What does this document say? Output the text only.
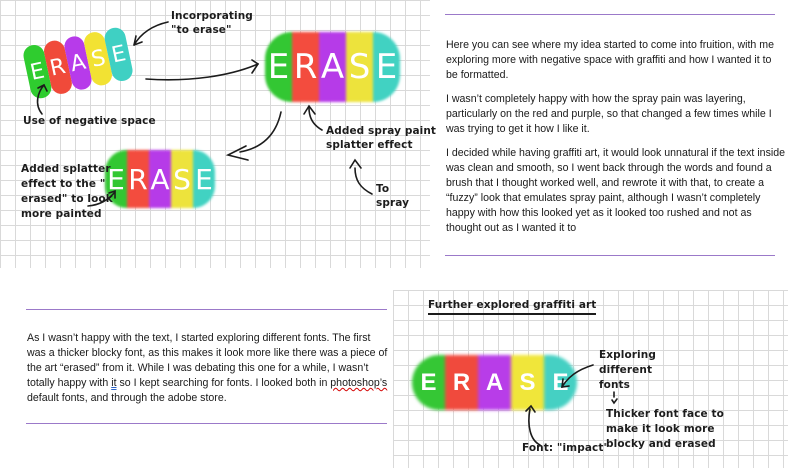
E R A S E	E R A S E
E R A S E
Incorporating
"to erase"
Use of negative space
Added spray paint
splatter effect
To
spray
Added splatter
effect to the "
erased" to look
more painted

Here you can see where my idea started to come into fruition, with me exploring more with negative space with graffiti and how I wanted it to be formatted.

I wasn’t completely happy with how the spray pain was layering, particularly on the red and purple, so that changed a few times while I was trying to get it how I like it.

I decided while having graffiti art, it would look unnatural if the text inside was clean and smooth, so I went back through the words and found a brush that I thought worked well, and rewrote it with that, to create a “fuzzy” look that emulates spray paint, although I wasn’t completely happy with how this looked yet as it looked too rushed and not as thought out as I wanted it to

As I wasn’t happy with the text, I started exploring different fonts. The first was a thicker blocky font, as this makes it look more like there was a piece of the art “erased” from it. While I was debating this one for a while, I wasn’t totally happy with it so I kept searching for fonts. I looked both in photoshop’s default fonts, and through the adobe store.

Further explored graffiti art
E R A S E
Exploring
different
fonts
Thicker font face to
make it look more
blocky and erased
Font: "impact"
